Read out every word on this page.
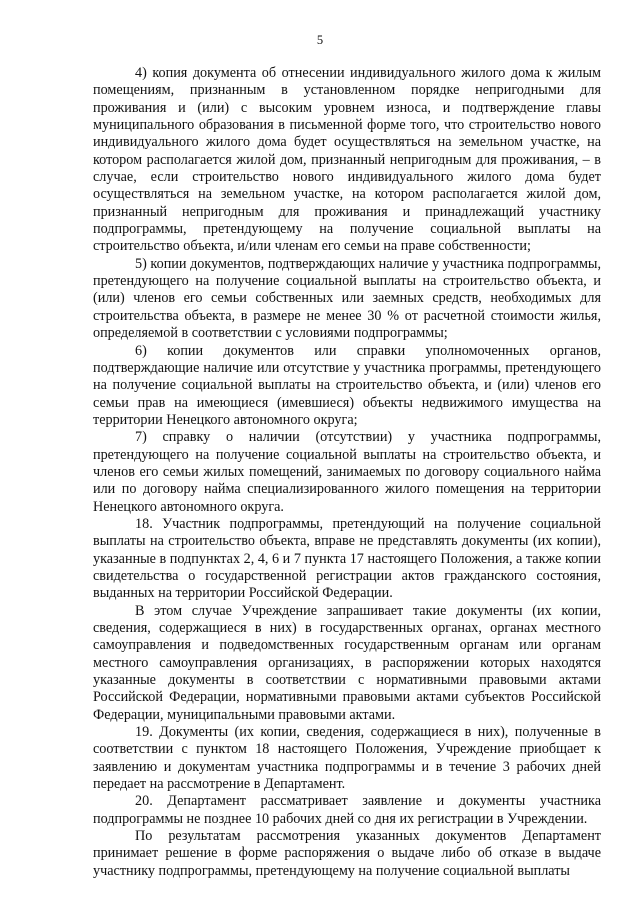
5

4) копия документа об отнесении индивидуального жилого дома к жилым помещениям, признанным в установленном порядке непригодными для проживания и (или) с высоким уровнем износа, и подтверждение главы муниципального образования в письменной форме того, что строительство нового индивидуального жилого дома будет осуществляться на земельном участке, на котором располагается жилой дом, признанный непригодным для проживания, – в случае, если строительство нового индивидуального жилого дома будет осуществляться на земельном участке, на котором располагается жилой дом, признанный непригодным для проживания и принадлежащий участнику подпрограммы, претендующему на получение социальной выплаты на строительство объекта, и/или членам его семьи на праве собственности;

5) копии документов, подтверждающих наличие у участника подпрограммы, претендующего на получение социальной выплаты на строительство объекта, и (или) членов его семьи собственных или заемных средств, необходимых для строительства объекта, в размере не менее 30 % от расчетной стоимости жилья, определяемой в соответствии с условиями подпрограммы;

6) копии документов или справки уполномоченных органов, подтверждающие наличие или отсутствие у участника программы, претендующего на получение социальной выплаты на строительство объекта, и (или) членов его семьи прав на имеющиеся (имевшиеся) объекты недвижимого имущества на территории Ненецкого автономного округа;

7) справку о наличии (отсутствии) у участника подпрограммы, претендующего на получение социальной выплаты на строительство объекта, и членов его семьи жилых помещений, занимаемых по договору социального найма или по договору найма специализированного жилого помещения на территории Ненецкого автономного округа.

18. Участник подпрограммы, претендующий на получение социальной выплаты на строительство объекта, вправе не представлять документы (их копии), указанные в подпунктах 2, 4, 6 и 7 пункта 17 настоящего Положения, а также копии свидетельства о государственной регистрации актов гражданского состояния, выданных на территории Российской Федерации.

В этом случае Учреждение запрашивает такие документы (их копии, сведения, содержащиеся в них) в государственных органах, органах местного самоуправления и подведомственных государственным органам или органам местного самоуправления организациях, в распоряжении которых находятся указанные документы в соответствии с нормативными правовыми актами Российской Федерации, нормативными правовыми актами субъектов Российской Федерации, муниципальными правовыми актами.

19. Документы (их копии, сведения, содержащиеся в них), полученные в соответствии с пунктом 18 настоящего Положения, Учреждение приобщает к заявлению и документам участника подпрограммы и в течение 3 рабочих дней передает на рассмотрение в Департамент.

20. Департамент рассматривает заявление и документы участника подпрограммы не позднее 10 рабочих дней со дня их регистрации в Учреждении.

По результатам рассмотрения указанных документов Департамент принимает решение в форме распоряжения о выдаче либо об отказе в выдаче участнику подпрограммы, претендующему на получение социальной выплаты
